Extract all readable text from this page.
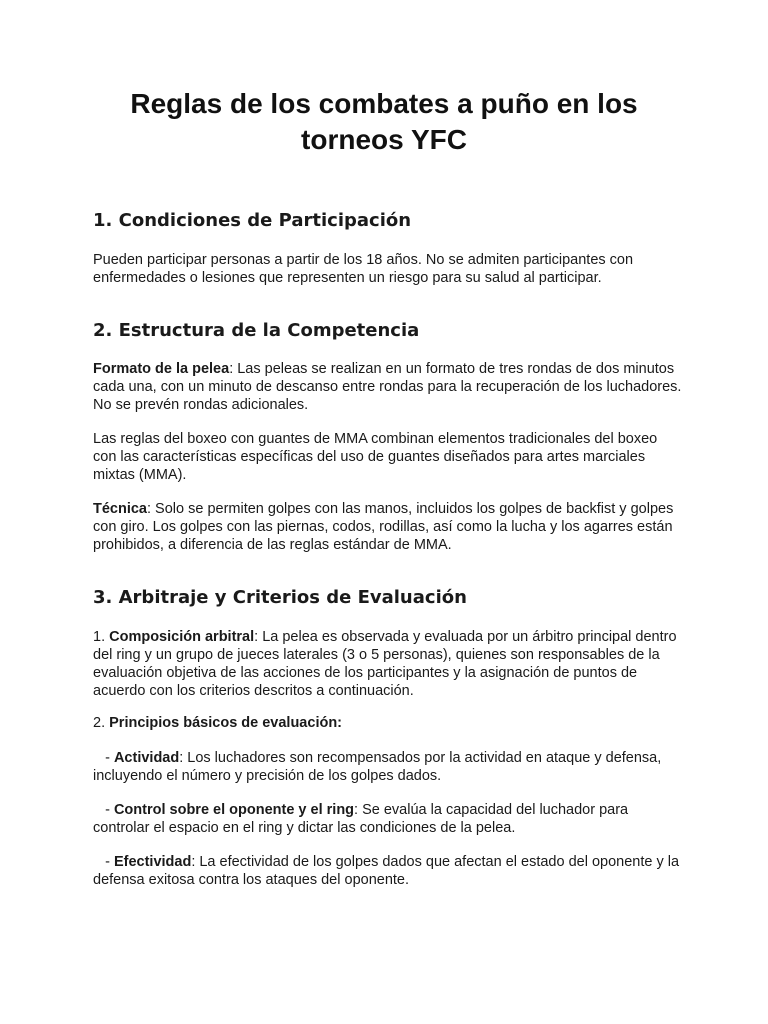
Reglas de los combates a puño en los
torneos YFC
1. Condiciones de Participación

Pueden participar personas a partir de los 18 años. No se admiten participantes con enfermedades o lesiones que representen un riesgo para su salud al participar.

2. Estructura de la Competencia

Formato de la pelea: Las peleas se realizan en un formato de tres rondas de dos minutos cada una, con un minuto de descanso entre rondas para la recuperación de los luchadores. No se prevén rondas adicionales.

Las reglas del boxeo con guantes de MMA combinan elementos tradicionales del boxeo con las características específicas del uso de guantes diseñados para artes marciales mixtas (MMA).

Técnica: Solo se permiten golpes con las manos, incluidos los golpes de backfist y golpes con giro. Los golpes con las piernas, codos, rodillas, así como la lucha y los agarres están prohibidos, a diferencia de las reglas estándar de MMA.

3. Arbitraje y Criterios de Evaluación

1. Composición arbitral: La pelea es observada y evaluada por un árbitro principal dentro del ring y un grupo de jueces laterales (3 o 5 personas), quienes son responsables de la evaluación objetiva de las acciones de los participantes y la asignación de puntos de acuerdo con los criterios descritos a continuación.

2. Principios básicos de evaluación:

- Actividad: Los luchadores son recompensados por la actividad en ataque y defensa, incluyendo el número y precisión de los golpes dados.

- Control sobre el oponente y el ring: Se evalúa la capacidad del luchador para controlar el espacio en el ring y dictar las condiciones de la pelea.

- Efectividad: La efectividad de los golpes dados que afectan el estado del oponente y la defensa exitosa contra los ataques del oponente.
